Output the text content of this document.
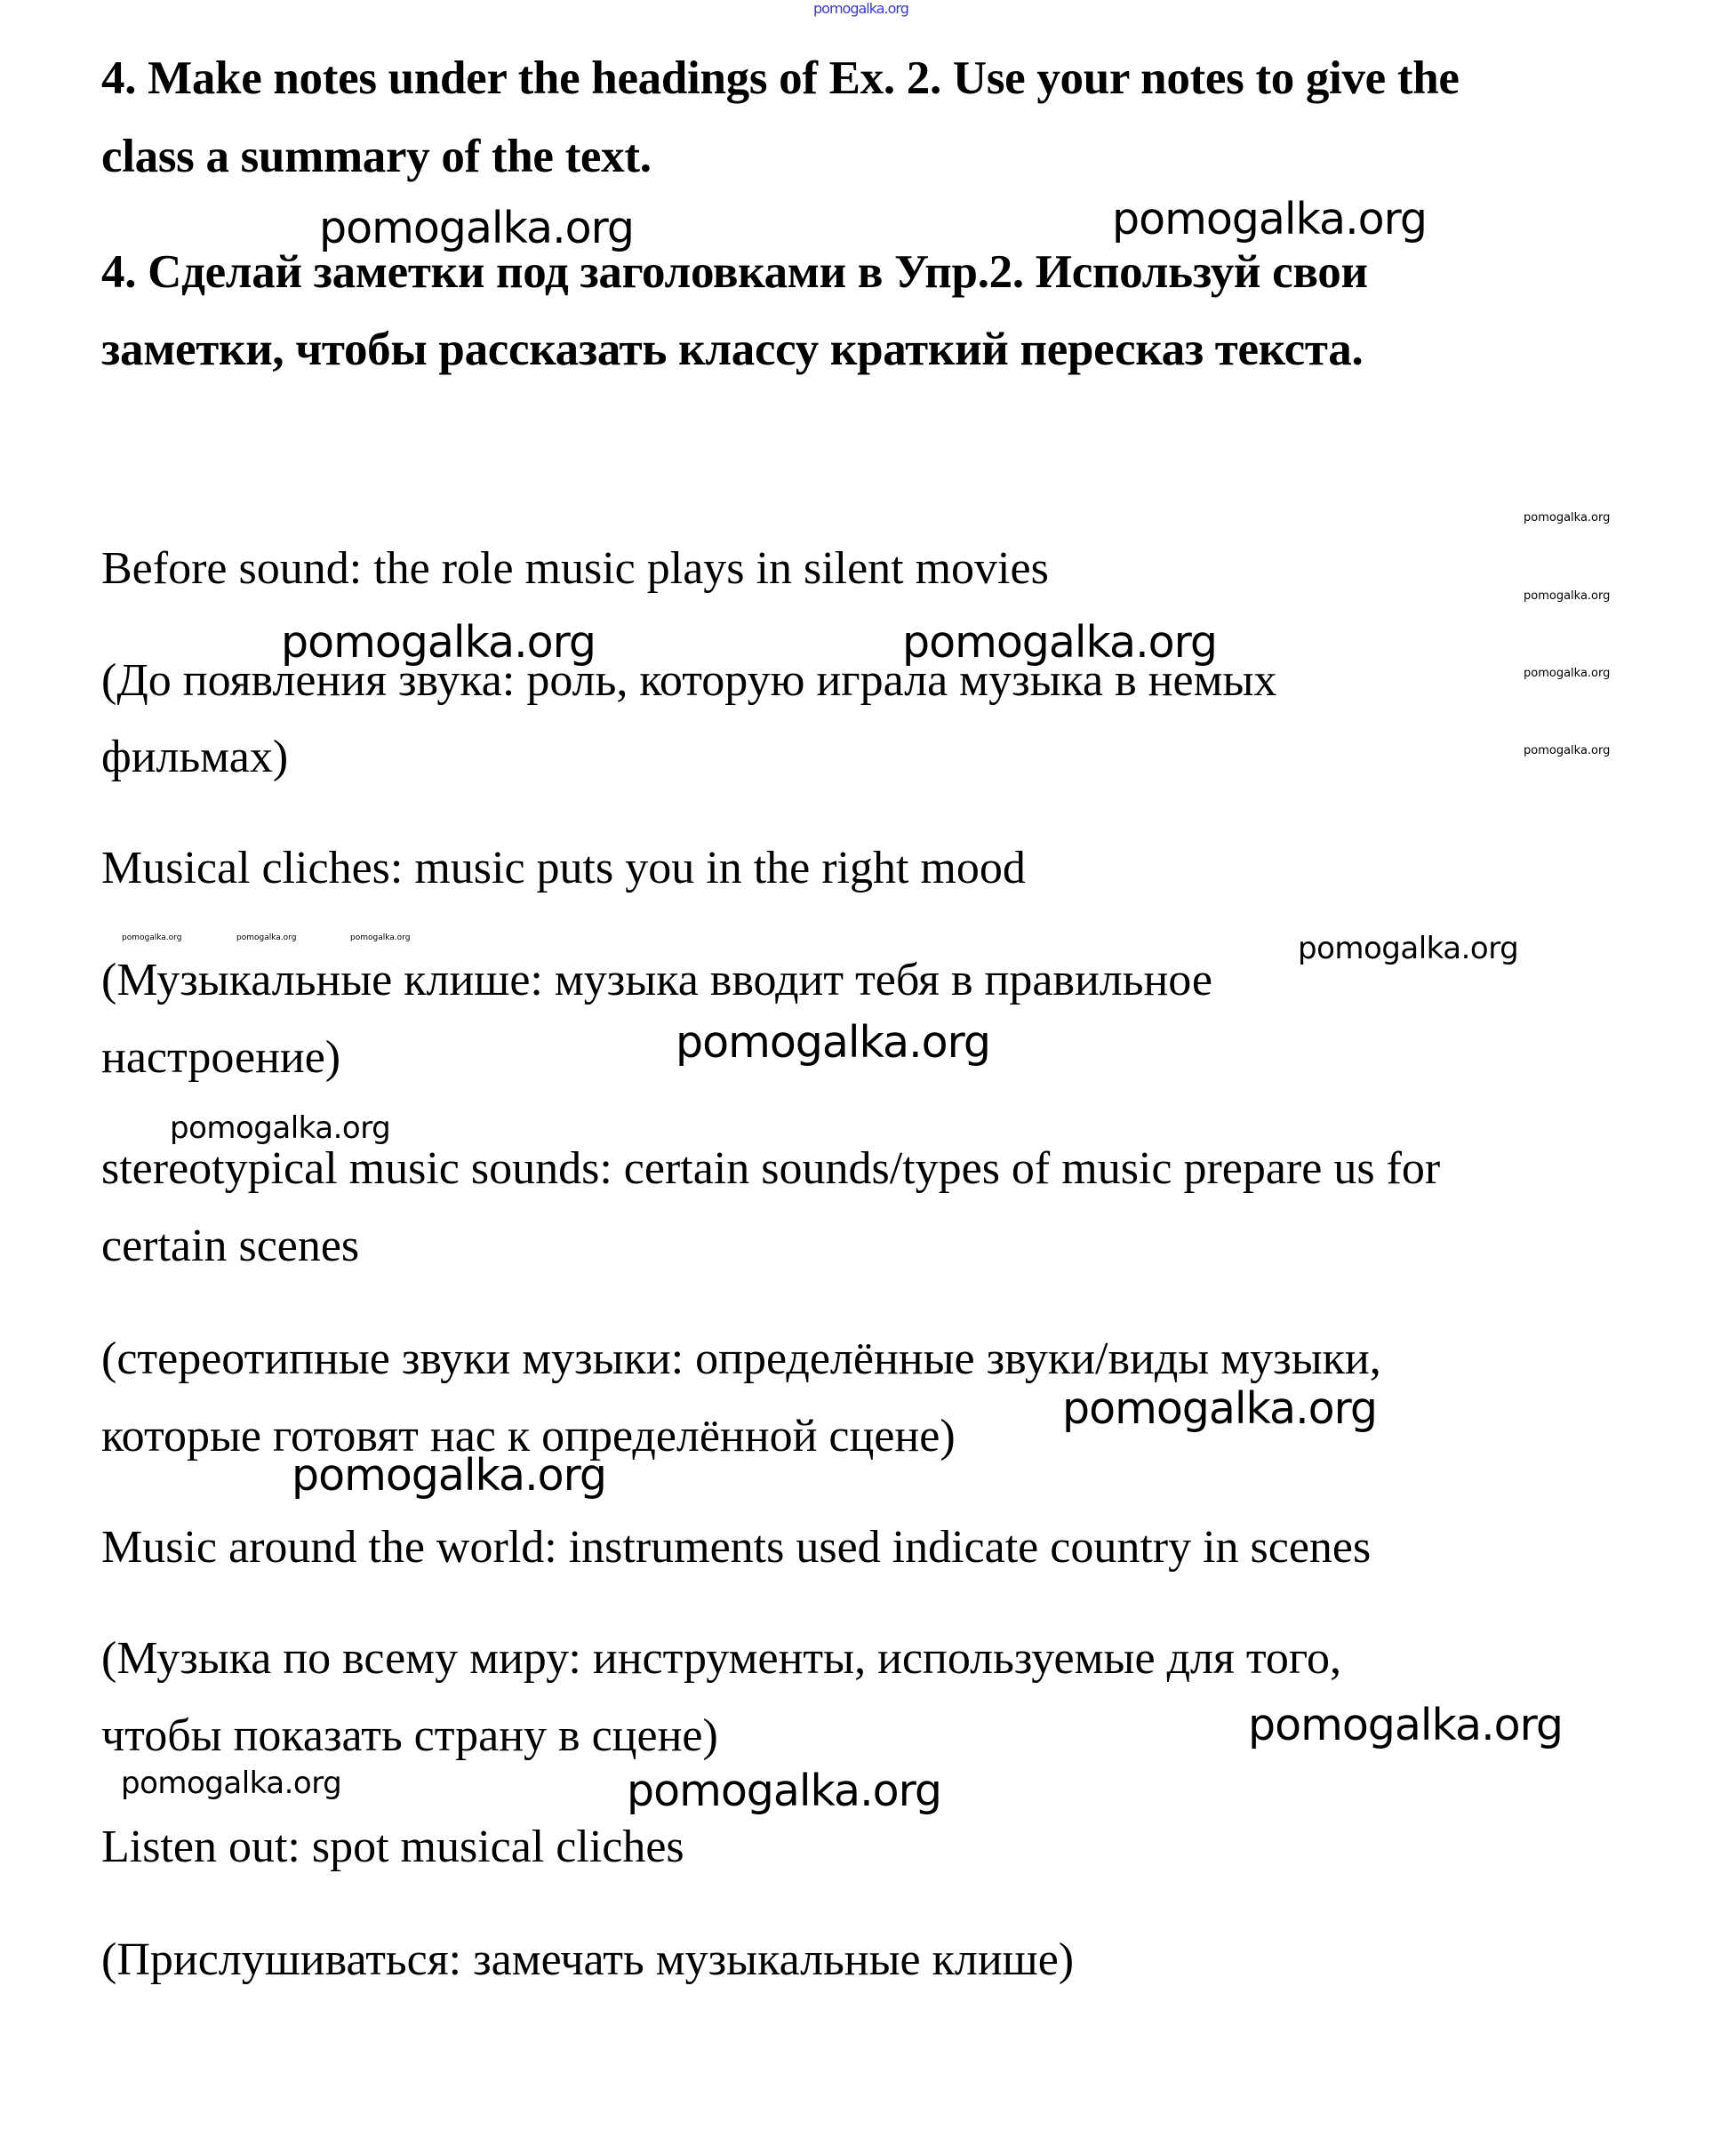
pomogalka.org
4. Make notes under the headings of Ex. 2. Use your notes to give the
class a summary of the text.
4. Сделай заметки под заголовками в Упр.2. Используй свои
заметки, чтобы рассказать классу краткий пересказ текста.
Before sound: the role music plays in silent movies
(До появления звука: роль, которую играла музыка в немых
фильмах)
Musical cliches: music puts you in the right mood
(Музыкальные клише: музыка вводит тебя в правильное
настроение)
stereotypical music sounds: certain sounds/types of music prepare us for
certain scenes
(стереотипные звуки музыки: определённые звуки/виды музыки,
которые готовят нас к определённой сцене)
Music around the world: instruments used indicate country in scenes
(Музыка по всему миру: инструменты, используемые для того,
чтобы показать страну в сцене)
Listen out: spot musical cliches
(Прислушиваться: замечать музыкальные клише)
pomogalka.org	pomogalka.org
pomogalka.org	pomogalka.org
pomogalka.org
pomogalka.org
pomogalka.org
pomogalka.org
pomogalka.org	pomogalka.org	pomogalka.org	pomogalka.org
pomogalka.org
pomogalka.org
pomogalka.org
pomogalka.org
pomogalka.org
pomogalka.org	pomogalka.org
